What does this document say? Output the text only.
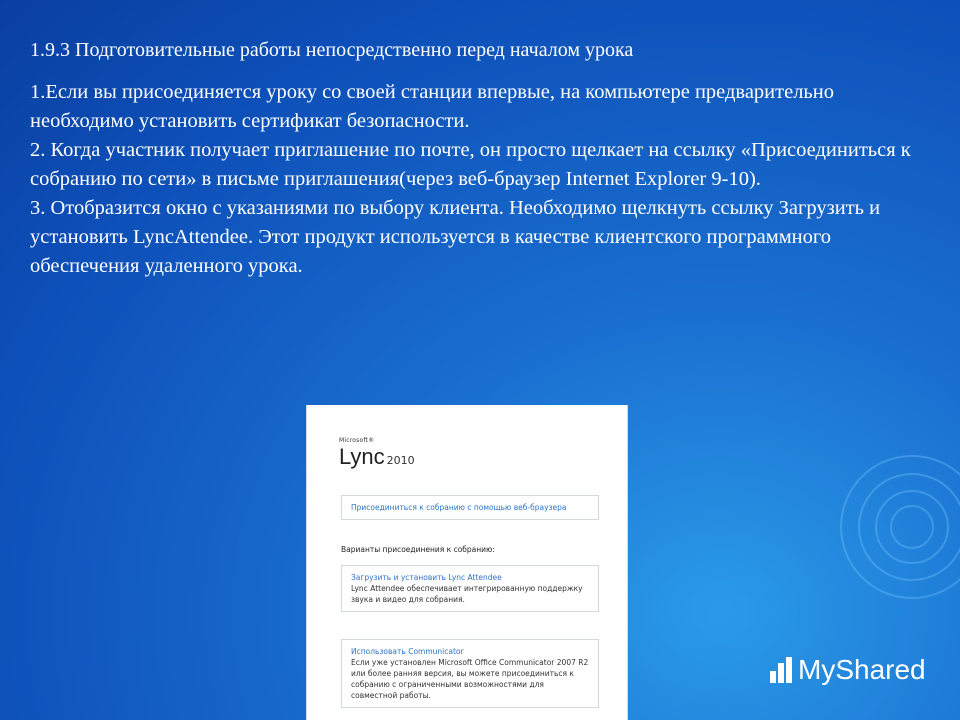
1.9.3 Подготовительные работы непосредственно перед началом урока

1.Если вы присоединяется уроку со своей станции впервые, на компьютере предварительно необходимо установить сертификат безопасности.

2. Когда участник получает приглашение по почте, он просто щелкает на ссылку «Присоединиться к собранию по сети» в письме приглашения(через веб-браузер Internet Explorer 9-10).

3. Отобразится окно с указаниями по выбору клиента. Необходимо щелкнуть ссылку Загрузить и установить LyncAttendee. Этот продукт используется в качестве клиентского программного обеспечения удаленного урока.

Microsoft®
Lync 2010
Присоединиться к собранию с помощью веб-браузера
Варианты присоединения к собранию:
Загрузить и установить Lync Attendee
Lync Attendee обеспечивает интегрированную поддержку звука и видео для собрания.
Использовать Communicator
Если уже установлен Microsoft Office Communicator 2007 R2 или более ранняя версия, вы можете присоединиться к собранию с ограниченными возможностями для совместной работы.
MyShared
